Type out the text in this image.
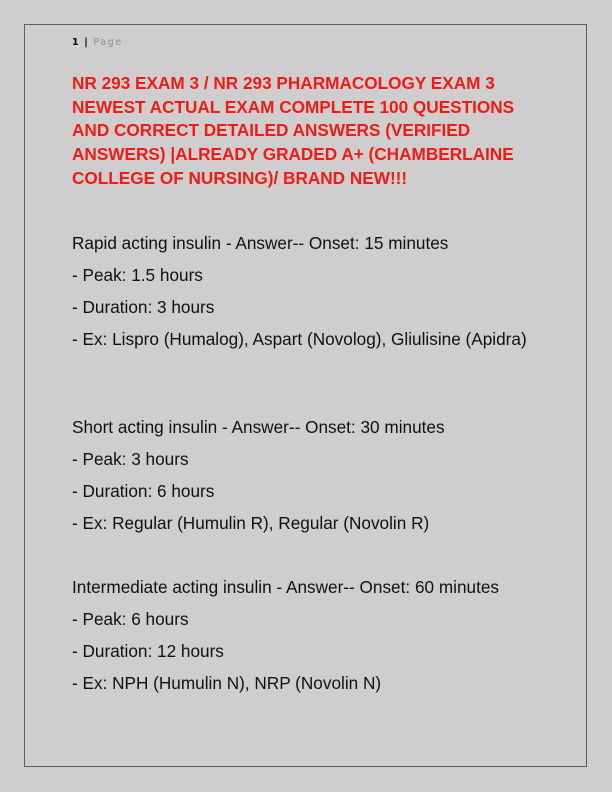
1 | Page
NR 293 EXAM 3 / NR 293 PHARMACOLOGY EXAM 3 NEWEST ACTUAL EXAM COMPLETE 100 QUESTIONS AND CORRECT DETAILED ANSWERS (VERIFIED ANSWERS) |ALREADY GRADED A+ (CHAMBERLAINE COLLEGE OF NURSING)/ BRAND NEW!!!

Rapid acting insulin - Answer-- Onset: 15 minutes

- Peak: 1.5 hours

- Duration: 3 hours

- Ex: Lispro (Humalog), Aspart (Novolog), Gliulisine (Apidra)

Short acting insulin - Answer-- Onset: 30 minutes

- Peak: 3 hours

- Duration: 6 hours

- Ex: Regular (Humulin R), Regular (Novolin R)

Intermediate acting insulin - Answer-- Onset: 60 minutes

- Peak: 6 hours

- Duration: 12 hours

- Ex: NPH (Humulin N), NRP (Novolin N)
